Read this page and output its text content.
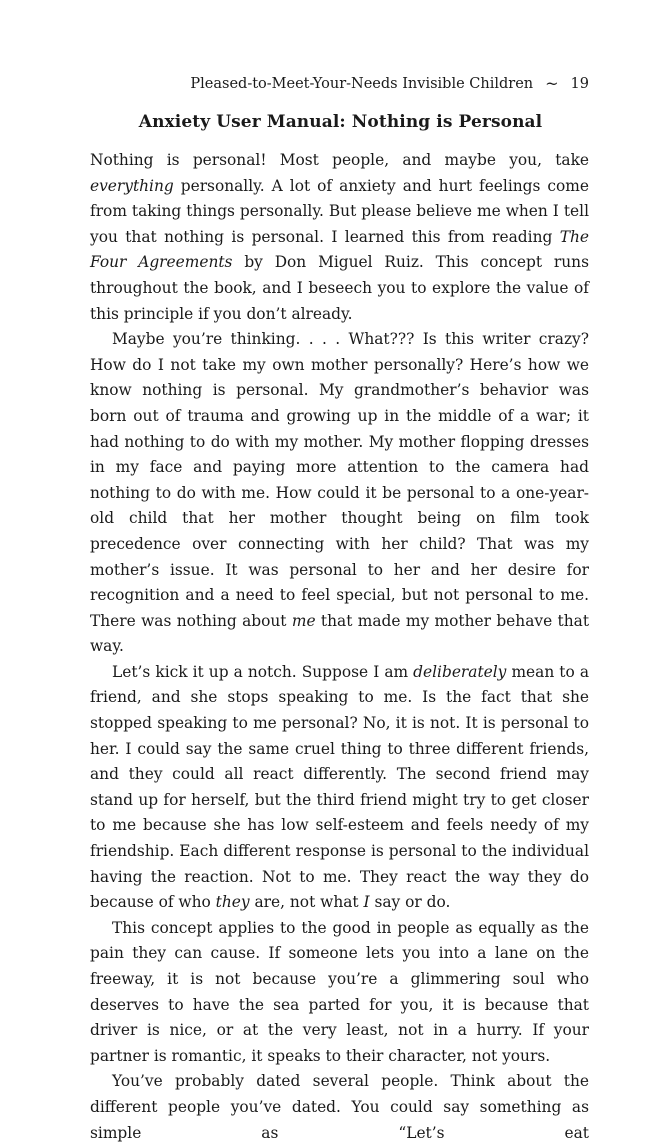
Pleased-to-Meet-Your-Needs Invisible Children ~ 19
Anxiety User Manual: Nothing is Personal

Nothing is personal! Most people, and maybe you, take everything personally. A lot of anxiety and hurt feelings come from taking things personally. But please believe me when I tell you that nothing is personal. I learned this from reading The Four Agreements by Don Miguel Ruiz. This concept runs throughout the book, and I beseech you to explore the value of this principle if you don’t already.

Maybe you’re thinking. . . . What??? Is this writer crazy? How do I not take my own mother personally? Here’s how we know nothing is personal. My grandmother’s behavior was born out of trauma and growing up in the middle of a war; it had nothing to do with my mother. My mother flopping dresses in my face and paying more attention to the camera had nothing to do with me. How could it be personal to a one-year-old child that her mother thought being on film took precedence over connecting with her child? That was my mother’s issue. It was personal to her and her desire for recognition and a need to feel special, but not personal to me. There was nothing about me that made my mother behave that way.

Let’s kick it up a notch. Suppose I am deliberately mean to a friend, and she stops speaking to me. Is the fact that she stopped speaking to me personal? No, it is not. It is personal to her. I could say the same cruel thing to three different friends, and they could all react differently. The second friend may stand up for herself, but the third friend might try to get closer to me because she has low self-esteem and feels needy of my friendship. Each different response is personal to the individual having the reaction. Not to me. They react the way they do because of who they are, not what I say or do.

This concept applies to the good in people as equally as the pain they can cause. If someone lets you into a lane on the freeway, it is not because you’re a glimmering soul who deserves to have the sea parted for you, it is because that driver is nice, or at the very least, not in a hurry. If your partner is romantic, it speaks to their character, not yours.

You’ve probably dated several people. Think about the different people you’ve dated. You could say something as simple as “Let’s eat
